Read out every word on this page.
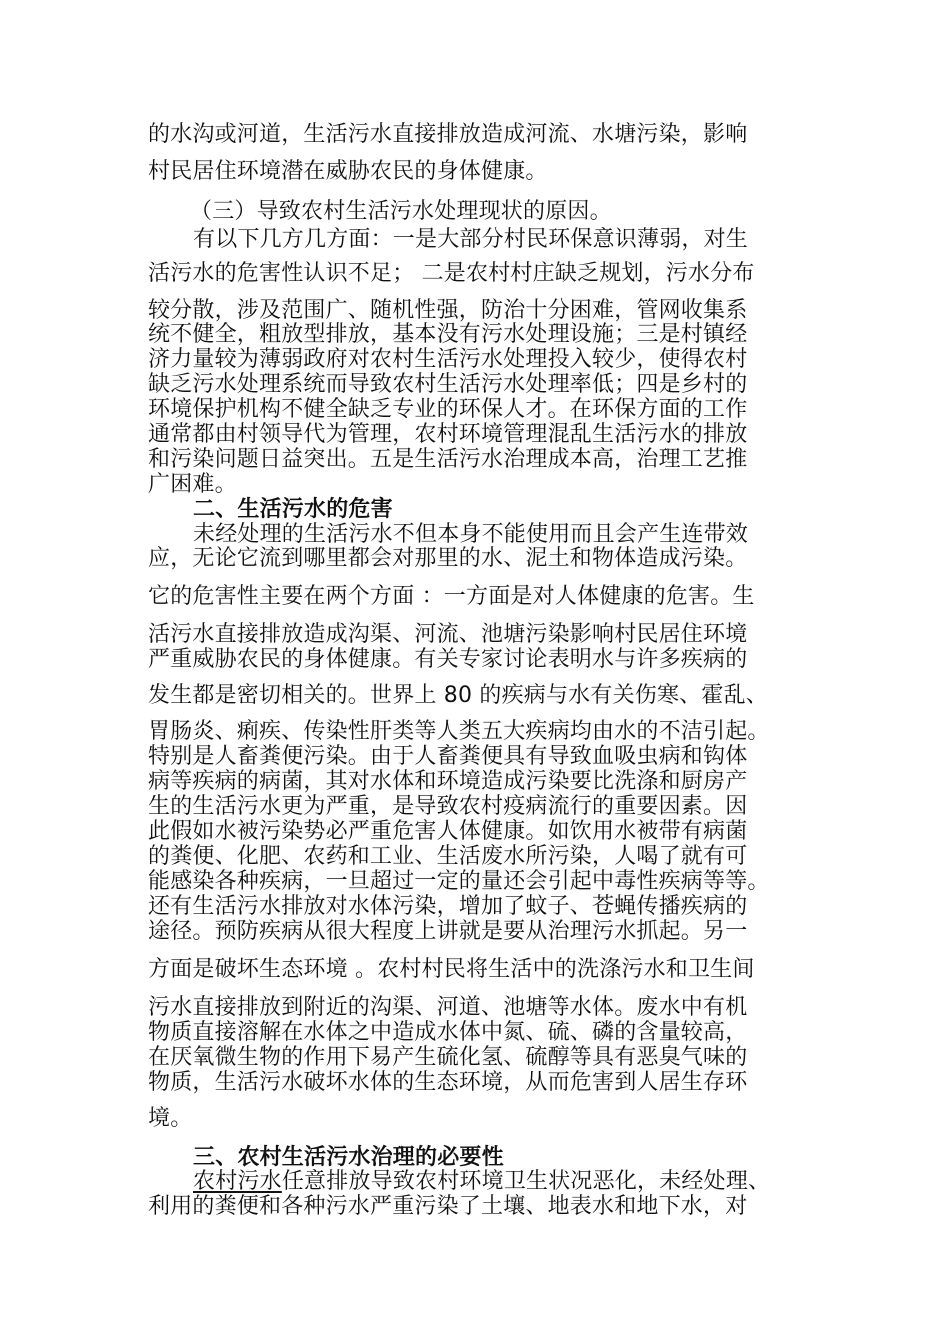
的水沟或河道，生活污水直接排放造成河流、水塘污染，影响
村民居住环境潜在威胁农民的身体健康。
（三）导致农村生活污水处理现状的原因。
有以下几方几方面：一是大部分村民环保意识薄弱，对生
活污水的危害性认识不足； 二是农村村庄缺乏规划，污水分布
较分散，涉及范围广、随机性强，防治十分困难，管网收集系
统不健全，粗放型排放，基本没有污水处理设施；三是村镇经
济力量较为薄弱政府对农村生活污水处理投入较少，使得农村
缺乏污水处理系统而导致农村生活污水处理率低；四是乡村的
环境保护机构不健全缺乏专业的环保人才。在环保方面的工作
通常都由村领导代为管理，农村环境管理混乱生活污水的排放
和污染问题日益突出。五是生活污水治理成本高，治理工艺推
广困难。
二、生活污水的危害
未经处理的生活污水不但本身不能使用而且会产生连带效
应，无论它流到哪里都会对那里的水、泥土和物体造成污染。
它的危害性主要在两个方面 ：一方面是对人体健康的危害。生
活污水直接排放造成沟渠、河流、池塘污染影响村民居住环境
严重威胁农民的身体健康。有关专家讨论表明水与许多疾病的
发生都是密切相关的。世界上 80 的疾病与水有关伤寒、霍乱、
胃肠炎、痢疾、传染性肝类等人类五大疾病均由水的不洁引起。
特别是人畜粪便污染。由于人畜粪便具有导致血吸虫病和钩体
病等疾病的病菌，其对水体和环境造成污染要比洗涤和厨房产
生的生活污水更为严重，是导致农村疫病流行的重要因素。因
此假如水被污染势必严重危害人体健康。如饮用水被带有病菌
的粪便、化肥、农药和工业、生活废水所污染，人喝了就有可
能感染各种疾病，一旦超过一定的量还会引起中毒性疾病等等。
还有生活污水排放对水体污染，增加了蚊子、苍蝇传播疾病的
途径。预防疾病从很大程度上讲就是要从治理污水抓起。另一
方面是破坏生态环境 。农村村民将生活中的洗涤污水和卫生间
污水直接排放到附近的沟渠、河道、池塘等水体。废水中有机
物质直接溶解在水体之中造成水体中氮、硫、磷的含量较高，
在厌氧微生物的作用下易产生硫化氢、硫醇等具有恶臭气味的
物质，生活污水破坏水体的生态环境，从而危害到人居生存环
境。
三、农村生活污水治理的必要性
农村污水任意排放导致农村环境卫生状况恶化，未经处理、
利用的粪便和各种污水严重污染了土壤、地表水和地下水，对
